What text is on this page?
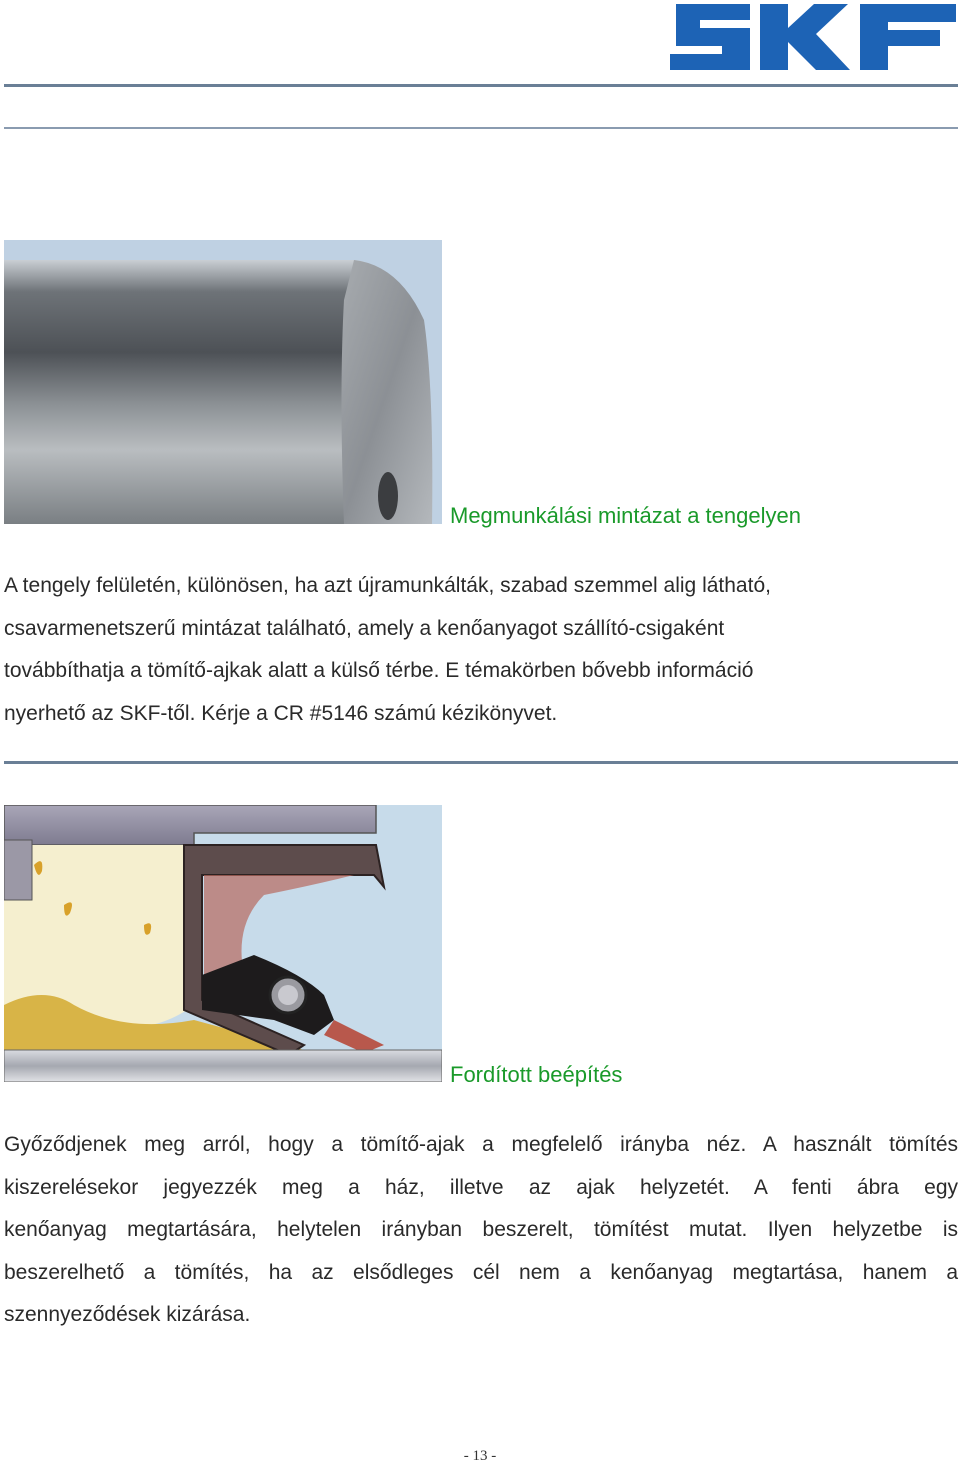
Megmunkálási mintázat a tengelyen
A tengely felületén, különösen, ha azt újramunkálták, szabad szemmel alig látható,
csavarmenetszerű mintázat található, amely a kenőanyagot szállító-csigaként
továbbíthatja a tömítő-ajkak alatt a külső térbe. E témakörben bővebb információ
nyerhető az SKF-től. Kérje a CR #5146 számú kézikönyvet.
Fordított beépítés
Győződjenek meg arról, hogy a tömítő-ajak a megfelelő irányba néz. A használt tömítés
kiszerelésekor jegyezzék meg a ház, illetve az ajak helyzetét. A fenti ábra egy
kenőanyag megtartására, helytelen irányban beszerelt, tömítést mutat. Ilyen helyzetbe is
beszerelhető a tömítés, ha az elsődleges cél nem a kenőanyag megtartása, hanem a
szennyeződések kizárása.
- 13 -
